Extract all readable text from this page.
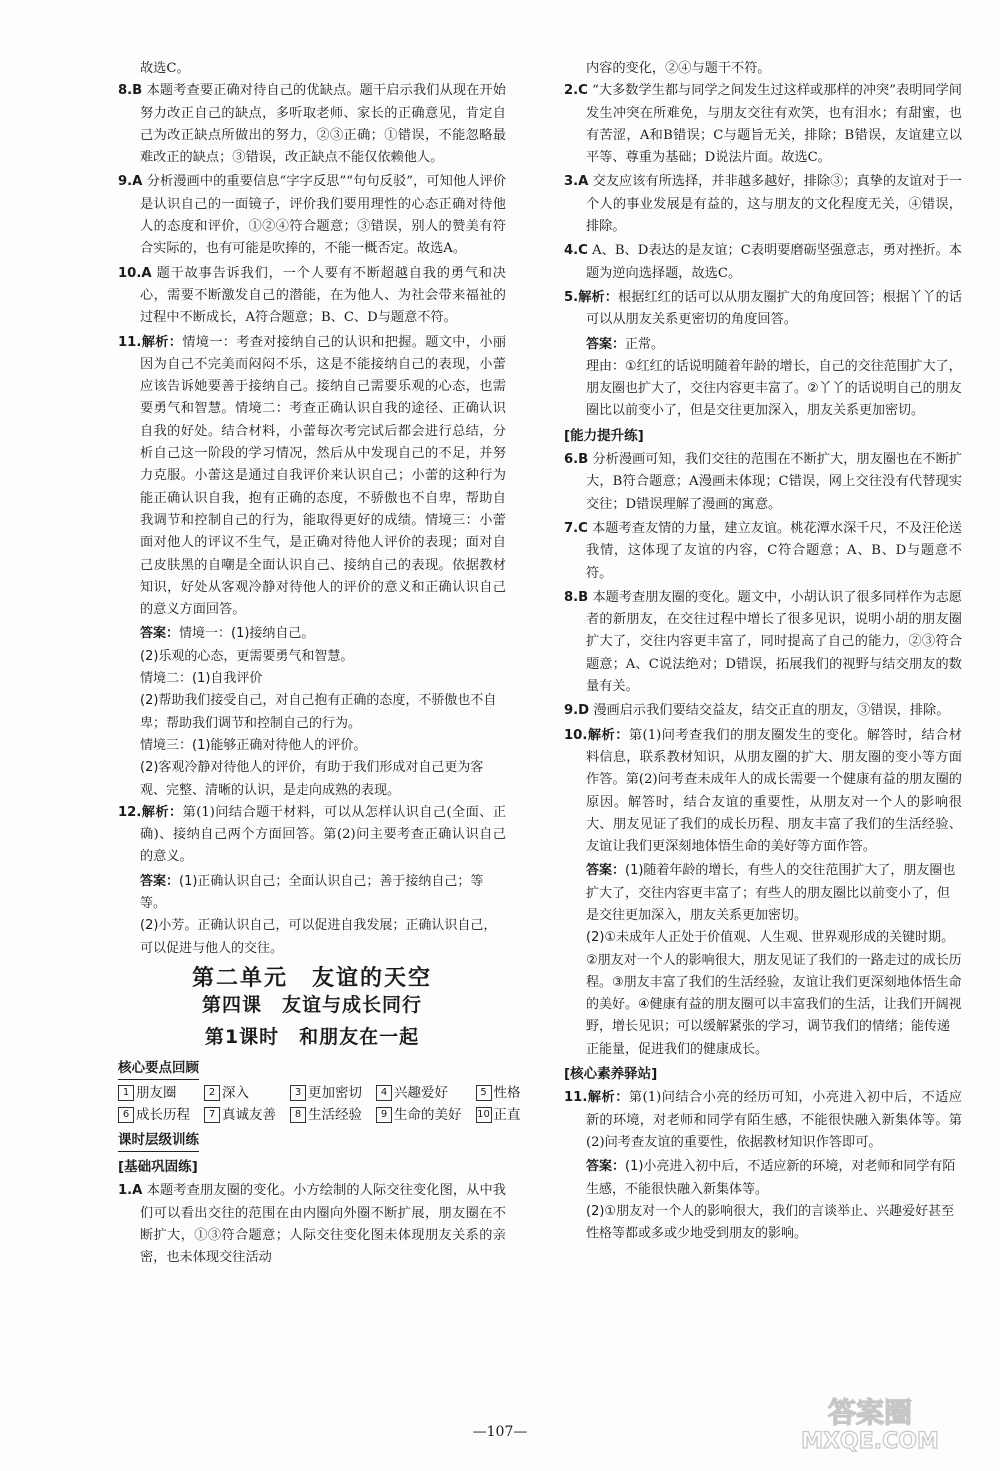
故选C。

8.B 本题考查要正确对待自己的优缺点。题干启示我们从现在开始努力改正自己的缺点，多听取老师、家长的正确意见，肯定自己为改正缺点所做出的努力，②③正确；①错误，不能忽略最难改正的缺点；③错误，改正缺点不能仅依赖他人。

9.A 分析漫画中的重要信息“字字反思”“句句反驳”，可知他人评价是认识自己的一面镜子，评价我们要用理性的心态正确对待他人的态度和评价，①②④符合题意；③错误，别人的赞美有符合实际的，也有可能是吹捧的，不能一概否定。故选A。

10.A 题干故事告诉我们，一个人要有不断超越自我的勇气和决心，需要不断激发自己的潜能，在为他人、为社会带来福祉的过程中不断成长，A符合题意；B、C、D与题意不符。

11.解析：情境一：考查对接纳自己的认识和把握。题文中，小丽因为自己不完美而闷闷不乐，这是不能接纳自己的表现，小蕾应该告诉她要善于接纳自己。接纳自己需要乐观的心态，也需要勇气和智慧。情境二：考查正确认识自我的途径、正确认识自我的好处。结合材料，小蕾每次考完试后都会进行总结，分析自己这一阶段的学习情况，然后从中发现自己的不足，并努力克服。小蕾这是通过自我评价来认识自己；小蕾的这种行为能正确认识自我，抱有正确的态度，不骄傲也不自卑，帮助自我调节和控制自己的行为，能取得更好的成绩。情境三：小蕾面对他人的评议不生气，是正确对待他人评价的表现；面对自己皮肤黑的自嘲是全面认识自己、接纳自己的表现。依据教材知识，好处从客观冷静对待他人的评价的意义和正确认识自己的意义方面回答。

答案：情境一：(1)接纳自己。
(2)乐观的心态，更需要勇气和智慧。
情境二：(1)自我评价
(2)帮助我们接受自己，对自己抱有正确的态度，不骄傲也不自卑；帮助我们调节和控制自己的行为。
情境三：(1)能够正确对待他人的评价。
(2)客观冷静对待他人的评价，有助于我们形成对自己更为客观、完整、清晰的认识，是走向成熟的表现。

12.解析：第(1)问结合题干材料，可以从怎样认识自己(全面、正确)、接纳自己两个方面回答。第(2)问主要考查正确认识自己的意义。

答案：(1)正确认识自己；全面认识自己；善于接纳自己；等等。
(2)小芳。正确认识自己，可以促进自我发展；正确认识自己，可以促进与他人的交往。
第二单元　友谊的天空
第四课　友谊与成长同行
第1课时　和朋友在一起
核心要点回顾
1 朋友圈	2 深入	3 更加密切	4 兴趣爱好	5 性格
6 成长历程	7 真诚友善	8 生活经验	9 生命的美好 10 正直
课时层级训练
[基础巩固练]

1.A 本题考查朋友圈的变化。小方绘制的人际交往变化图，从中我们可以看出交往的范围在由内圈向外圈不断扩展，朋友圈在不断扩大，①③符合题意；人际交往变化图未体现朋友关系的亲密，也未体现交往活动

内容的变化，②④与题干不符。

2.C “大多数学生都与同学之间发生过这样或那样的冲突”表明同学间发生冲突在所难免，与朋友交往有欢笑，也有泪水；有甜蜜，也有苦涩，A和B错误；C与题旨无关，排除；B错误，友谊建立以平等、尊重为基础；D说法片面。故选C。

3.A 交友应该有所选择，并非越多越好，排除③；真挚的友谊对于一个人的事业发展是有益的，这与朋友的文化程度无关，④错误，排除。

4.C A、B、D表达的是友谊；C表明要磨砺坚强意志，勇对挫折。本题为逆向选择题，故选C。

5.解析：根据红红的话可以从朋友圈扩大的角度回答；根据丫丫的话可以从朋友关系更密切的角度回答。

答案：正常。
理由：①红红的话说明随着年龄的增长，自己的交往范围扩大了，朋友圈也扩大了，交往内容更丰富了。②丫丫的话说明自己的朋友圈比以前变小了，但是交往更加深入，朋友关系更加密切。
[能力提升练]

6.B 分析漫画可知，我们交往的范围在不断扩大，朋友圈也在不断扩大，B符合题意；A漫画未体现；C错误，网上交往没有代替现实交往；D错误理解了漫画的寓意。

7.C 本题考查友情的力量，建立友谊。桃花潭水深千尺，不及汪伦送我情，这体现了友谊的内容，C符合题意；A、B、D与题意不符。

8.B 本题考查朋友圈的变化。题文中，小胡认识了很多同样作为志愿者的新朋友，在交往过程中增长了很多见识，说明小胡的朋友圈扩大了，交往内容更丰富了，同时提高了自己的能力，②③符合题意；A、C说法绝对；D错误，拓展我们的视野与结交朋友的数量有关。

9.D 漫画启示我们要结交益友，结交正直的朋友，③错误，排除。

10.解析：第(1)问考查我们的朋友圈发生的变化。解答时，结合材料信息，联系教材知识，从朋友圈的扩大、朋友圈的变小等方面作答。第(2)问考查未成年人的成长需要一个健康有益的朋友圈的原因。解答时，结合友谊的重要性，从朋友对一个人的影响很大、朋友见证了我们的成长历程、朋友丰富了我们的生活经验、友谊让我们更深刻地体悟生命的美好等方面作答。

答案：(1)随着年龄的增长，有些人的交往范围扩大了，朋友圈也扩大了，交往内容更丰富了；有些人的朋友圈比以前变小了，但是交往更加深入，朋友关系更加密切。
(2)①未成年人正处于价值观、人生观、世界观形成的关键时期。②朋友对一个人的影响很大，朋友见证了我们的一路走过的成长历程。③朋友丰富了我们的生活经验，友谊让我们更深刻地体悟生命的美好。④健康有益的朋友圈可以丰富我们的生活，让我们开阔视野，增长见识；可以缓解紧张的学习，调节我们的情绪；能传递正能量，促进我们的健康成长。
[核心素养驿站]

11.解析：第(1)问结合小亮的经历可知，小亮进入初中后，不适应新的环境，对老师和同学有陌生感，不能很快融入新集体等。第(2)问考查友谊的重要性，依据教材知识作答即可。

答案：(1)小亮进入初中后，不适应新的环境，对老师和同学有陌生感，不能很快融入新集体等。
(2)①朋友对一个人的影响很大，我们的言谈举止、兴趣爱好甚至性格等都或多或少地受到朋友的影响。
—107—
答案圈
MXQE.COM
